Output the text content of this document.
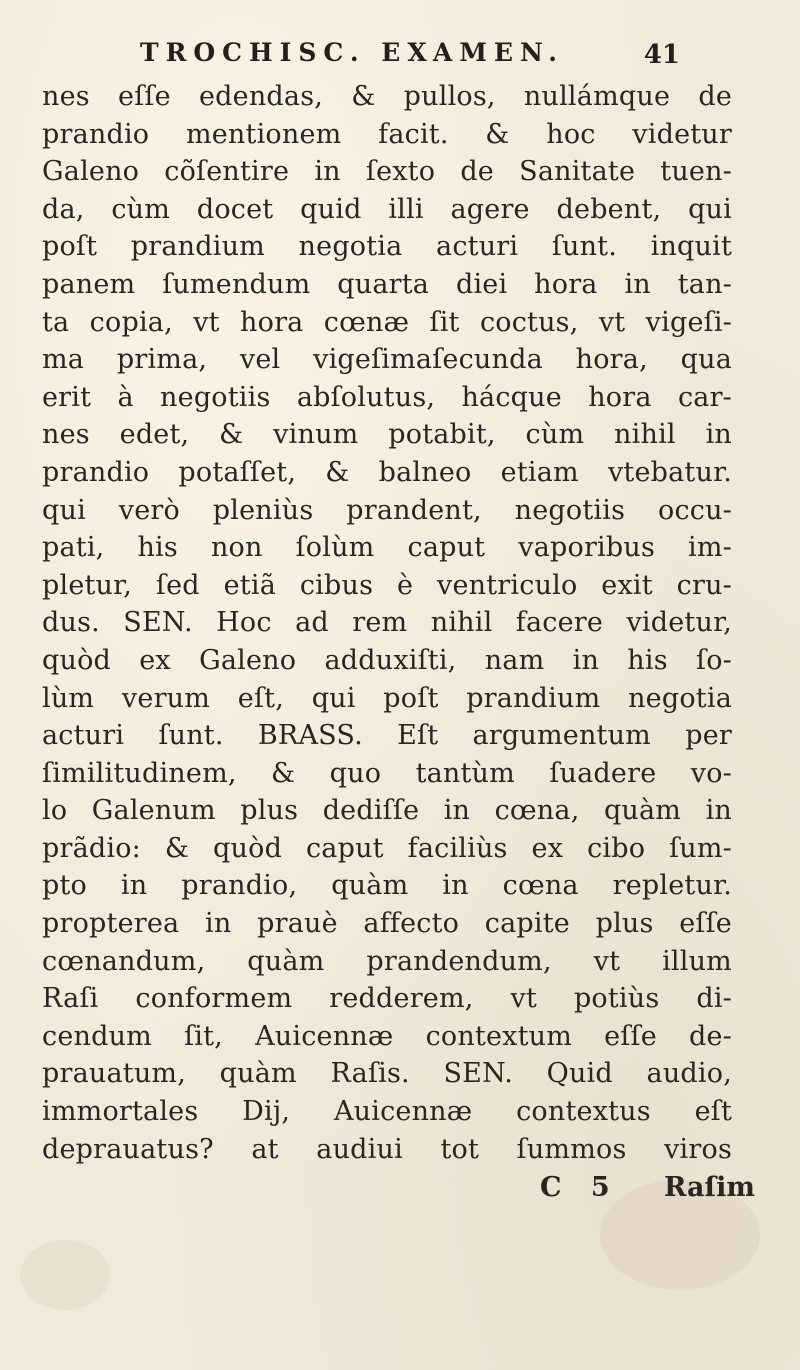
TROCHISC. EXAMEN.	41
nes eſſe edendas, & pullos, nullámque de
prandio mentionem facit. & hoc videtur
Galeno cõſentire in ſexto de Sanitate tuen-
da, cùm docet quid illi agere debent, qui
poſt prandium negotia acturi ſunt. inquit
panem ſumendum quarta diei hora in tan-
ta copia, vt hora cœnæ ſit coctus, vt vigeſi-
ma prima, vel vigeſimaſecunda hora, qua
erit à negotiis abſolutus, hácque hora car-
nes edet, & vinum potabit, cùm nihil in
prandio potaſſet, & balneo etiam vtebatur.
qui verò pleniùs prandent, negotiis occu-
pati, his non ſolùm caput vaporibus im-
pletur, ſed etiã cibus è ventriculo exit cru-
dus. SEN. Hoc ad rem nihil facere videtur,
quòd ex Galeno adduxiſti, nam in his ſo-
lùm verum eſt, qui poſt prandium negotia
acturi ſunt. BRASS. Eſt argumentum per
ſimilitudinem, & quo tantùm ſuadere vo-
lo Galenum plus dediſſe in cœna, quàm in
prãdio: & quòd caput faciliùs ex cibo ſum-
pto in prandio, quàm in cœna repletur.
propterea in prauè affecto capite plus eſſe
cœnandum, quàm prandendum, vt illum
Raſi conformem redderem, vt potiùs di-
cendum ſit, Auicennæ contextum eſſe de-
prauatum, quàm Raſis. SEN. Quid audio,
immortales Dij, Auicennæ contextus eſt
deprauatus? at audiui tot ſummos viros
C 5 Raſim
